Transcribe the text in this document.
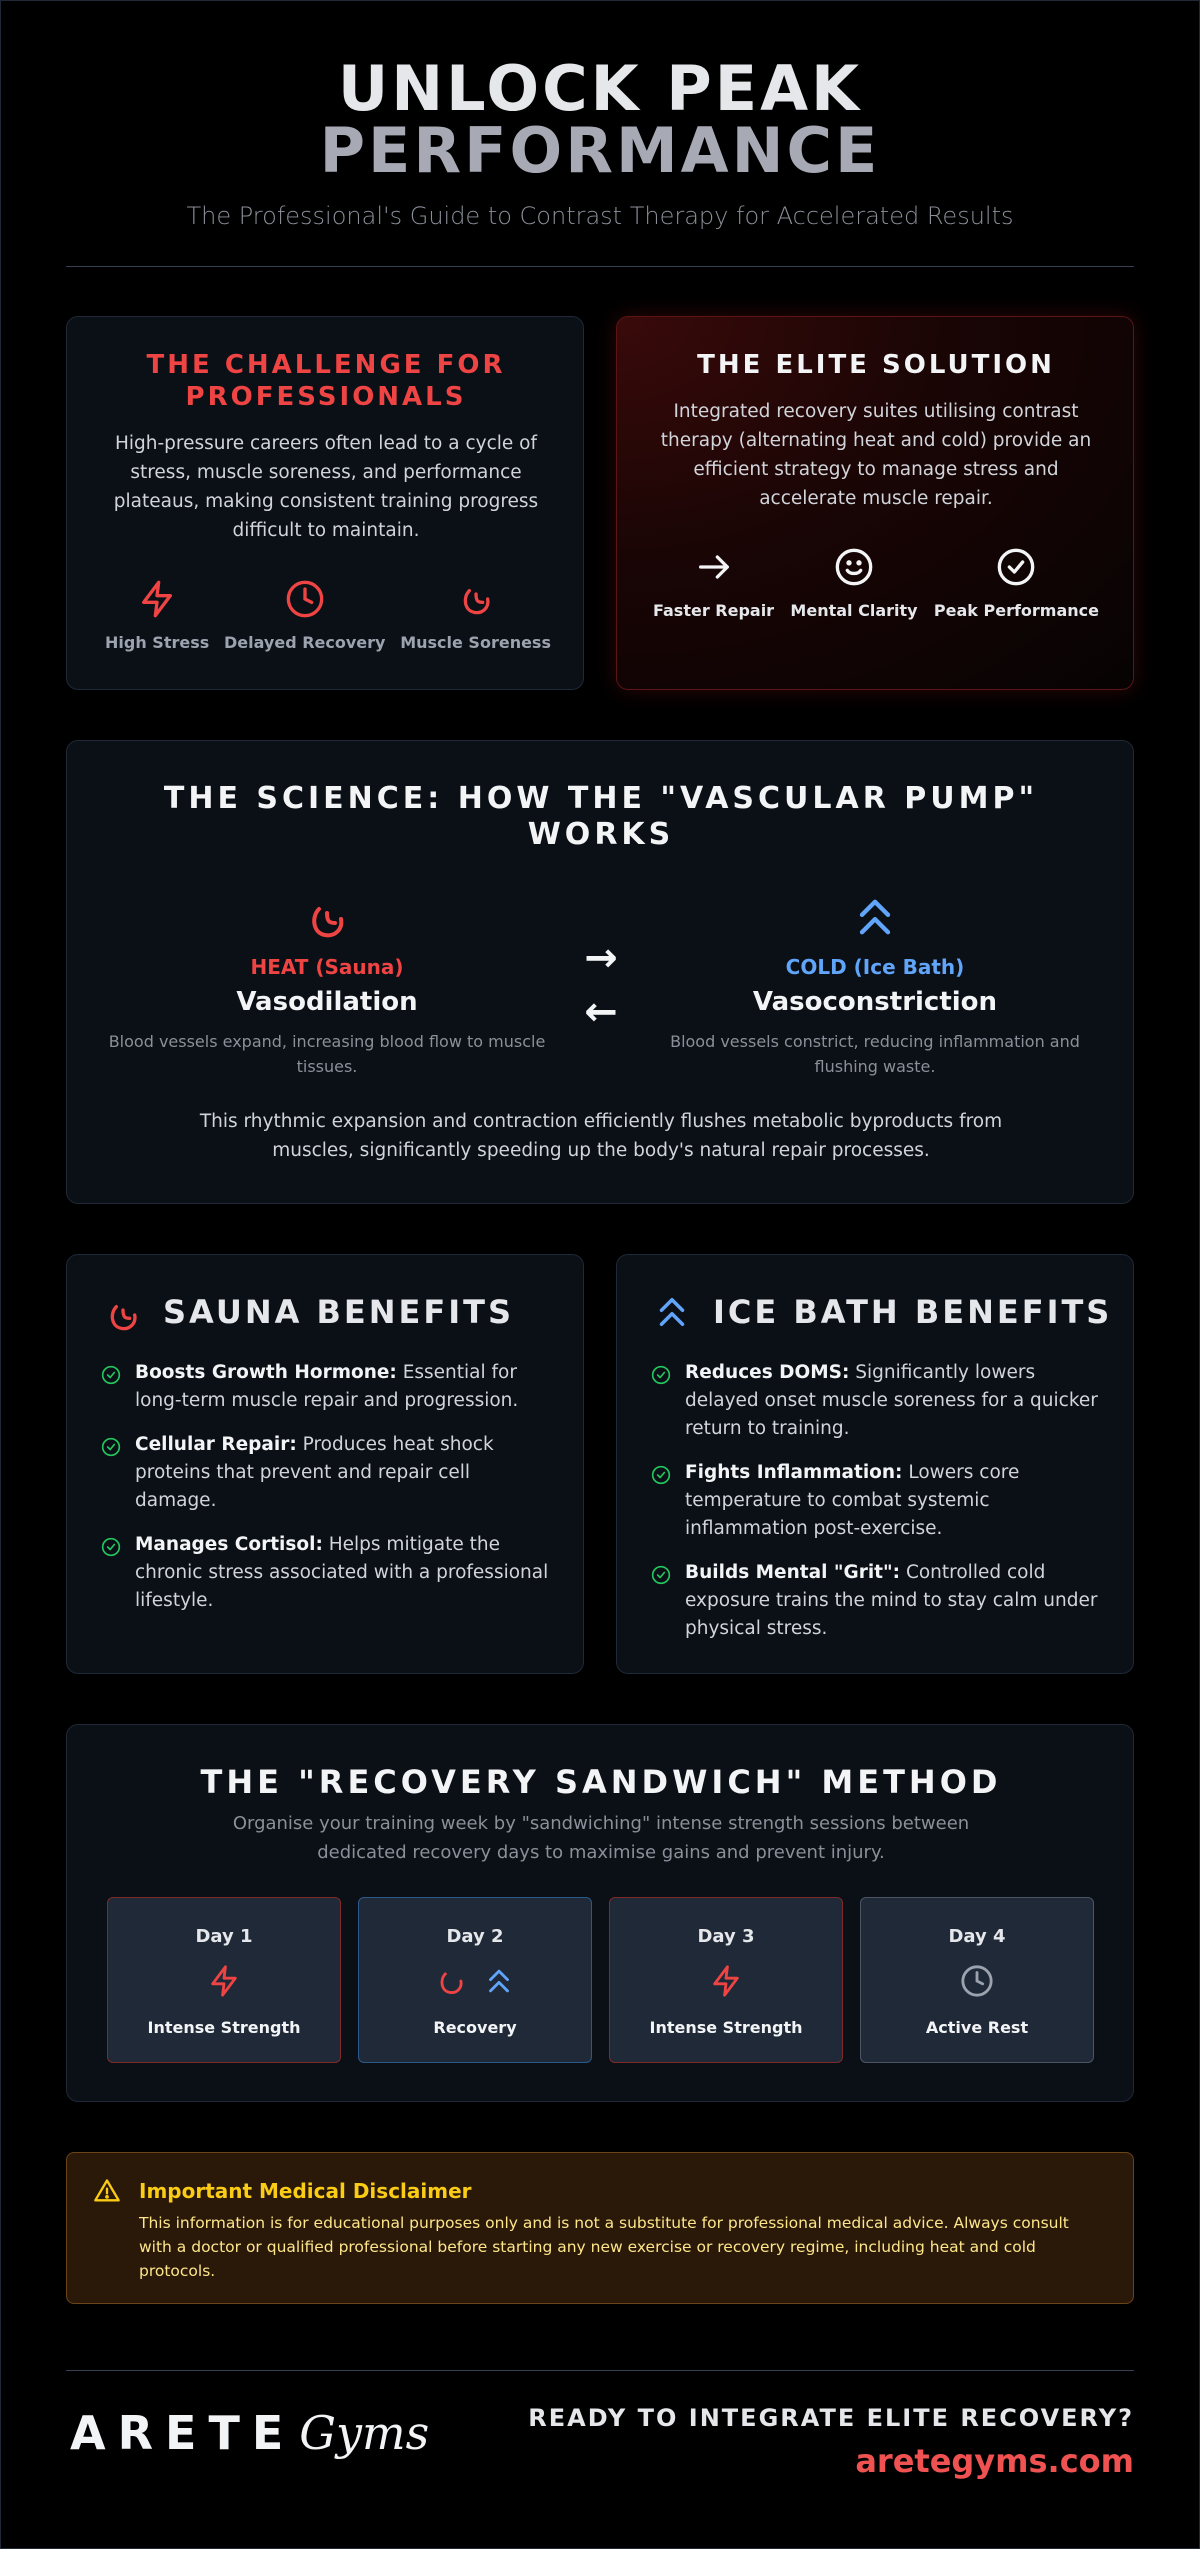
UNLOCK PEAK
PERFORMANCE
The Professional's Guide to Contrast Therapy for Accelerated Results
THE CHALLENGE FOR PROFESSIONALS
High-pressure careers often lead to a cycle of stress, muscle soreness, and performance plateaus, making consistent training progress difficult to maintain.
High Stress Delayed Recovery Muscle Soreness
THE ELITE SOLUTION
Integrated recovery suites utilising contrast therapy (alternating heat and cold) provide an efficient strategy to manage stress and accelerate muscle repair.
Faster Repair Mental Clarity Peak Performance
THE SCIENCE: HOW THE "VASCULAR PUMP" WORKS
HEAT (Sauna)
Vasodilation
Blood vessels expand, increasing blood flow to muscle tissues.
→
←
COLD (Ice Bath)
Vasoconstriction
Blood vessels constrict, reducing inflammation and flushing waste.
This rhythmic expansion and contraction efficiently flushes metabolic byproducts from muscles, significantly speeding up the body's natural repair processes.
SAUNA BENEFITS
Boosts Growth Hormone: Essential for long-term muscle repair and progression.
Cellular Repair: Produces heat shock proteins that prevent and repair cell damage.
Manages Cortisol: Helps mitigate the chronic stress associated with a professional lifestyle.
ICE BATH BENEFITS
Reduces DOMS: Significantly lowers delayed onset muscle soreness for a quicker return to training.
Fights Inflammation: Lowers core temperature to combat systemic inflammation post-exercise.
Builds Mental "Grit": Controlled cold exposure trains the mind to stay calm under physical stress.
THE "RECOVERY SANDWICH" METHOD
Organise your training week by "sandwiching" intense strength sessions between dedicated recovery days to maximise gains and prevent injury.
Day 1
Intense Strength
Day 2
Recovery
Day 3
Intense Strength
Day 4
Active Rest
Important Medical Disclaimer
This information is for educational purposes only and is not a substitute for professional medical advice. Always consult with a doctor or qualified professional before starting any new exercise or recovery regime, including heat and cold protocols.
ARETE Gyms	READY TO INTEGRATE ELITE RECOVERY?
aretegyms.com
